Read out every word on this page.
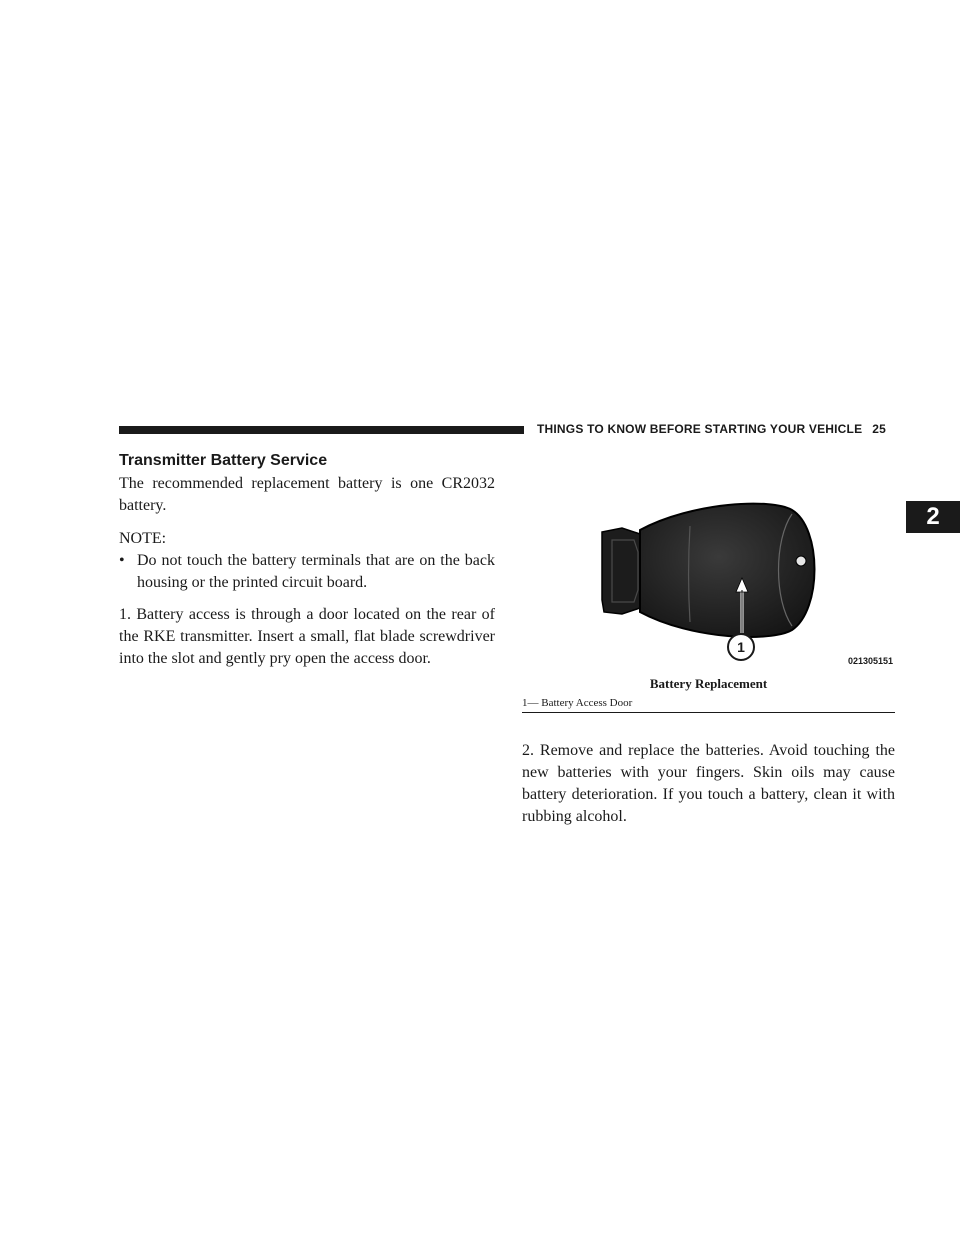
THINGS TO KNOW BEFORE STARTING YOUR VEHICLE 25
2
Transmitter Battery Service

The recommended replacement battery is one CR2032 battery.

NOTE:
• Do not touch the battery terminals that are on the back housing or the printed circuit board.

1. Battery access is through a door located on the rear of the RKE transmitter. Insert a small, flat blade screwdriver into the slot and gently pry open the access door.

1
021305151
Battery Replacement
1— Battery Access Door

2. Remove and replace the batteries. Avoid touching the new batteries with your fingers. Skin oils may cause battery deterioration. If you touch a battery, clean it with rubbing alcohol.
